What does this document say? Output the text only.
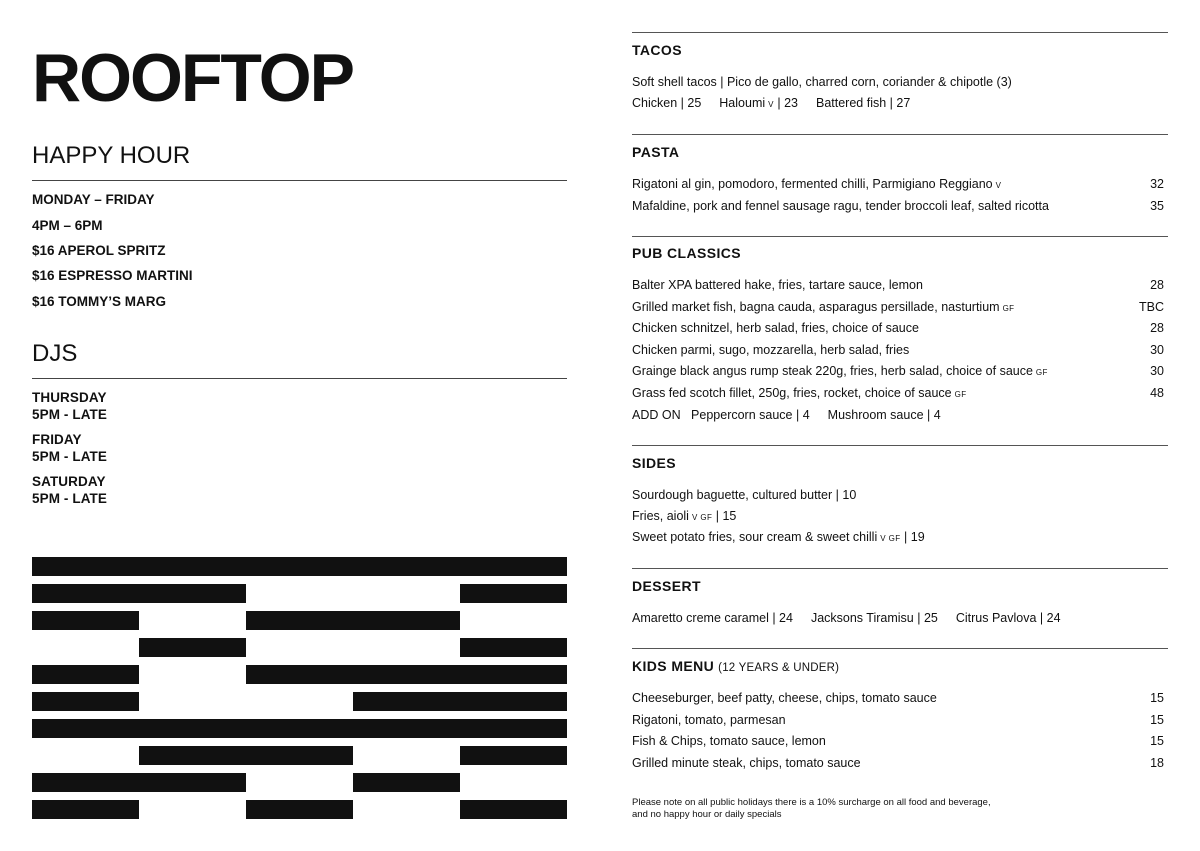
ROOFTOP
HAPPY HOUR
MONDAY – FRIDAY
4PM – 6PM
$16 APEROL SPRITZ
$16 ESPRESSO MARTINI
$16 TOMMY’S MARG
DJS
THURSDAY
5PM - LATE
FRIDAY
5PM - LATE
SATURDAY
5PM - LATE
TACOS
Soft shell tacos | Pico de gallo, charred corn, coriander & chipotle (3)
Chicken | 25 Haloumi V | 23 Battered fish | 27
PASTA
Rigatoni al gin, pomodoro, fermented chilli, Parmigiano Reggiano V	32
Mafaldine, pork and fennel sausage ragu, tender broccoli leaf, salted ricotta	35
PUB CLASSICS
Balter XPA battered hake, fries, tartare sauce, lemon	28
Grilled market fish, bagna cauda, asparagus persillade, nasturtium GF	TBC
Chicken schnitzel, herb salad, fries, choice of sauce	28
Chicken parmi, sugo, mozzarella, herb salad, fries	30
Grainge black angus rump steak 220g, fries, herb salad, choice of sauce GF	30
Grass fed scotch fillet, 250g, fries, rocket, choice of sauce GF	48
ADD ON Peppercorn sauce | 4 Mushroom sauce | 4
SIDES
Sourdough baguette, cultured butter | 10
Fries, aioli V GF | 15
Sweet potato fries, sour cream & sweet chilli V GF | 19
DESSERT
Amaretto creme caramel | 24 Jacksons Tiramisu | 25 Citrus Pavlova | 24
KIDS MENU (12 YEARS & UNDER)
Cheeseburger, beef patty, cheese, chips, tomato sauce	15
Rigatoni, tomato, parmesan	15
Fish & Chips, tomato sauce, lemon	15
Grilled minute steak, chips, tomato sauce	18
Please note on all public holidays there is a 10% surcharge on all food and beverage,
and no happy hour or daily specials
